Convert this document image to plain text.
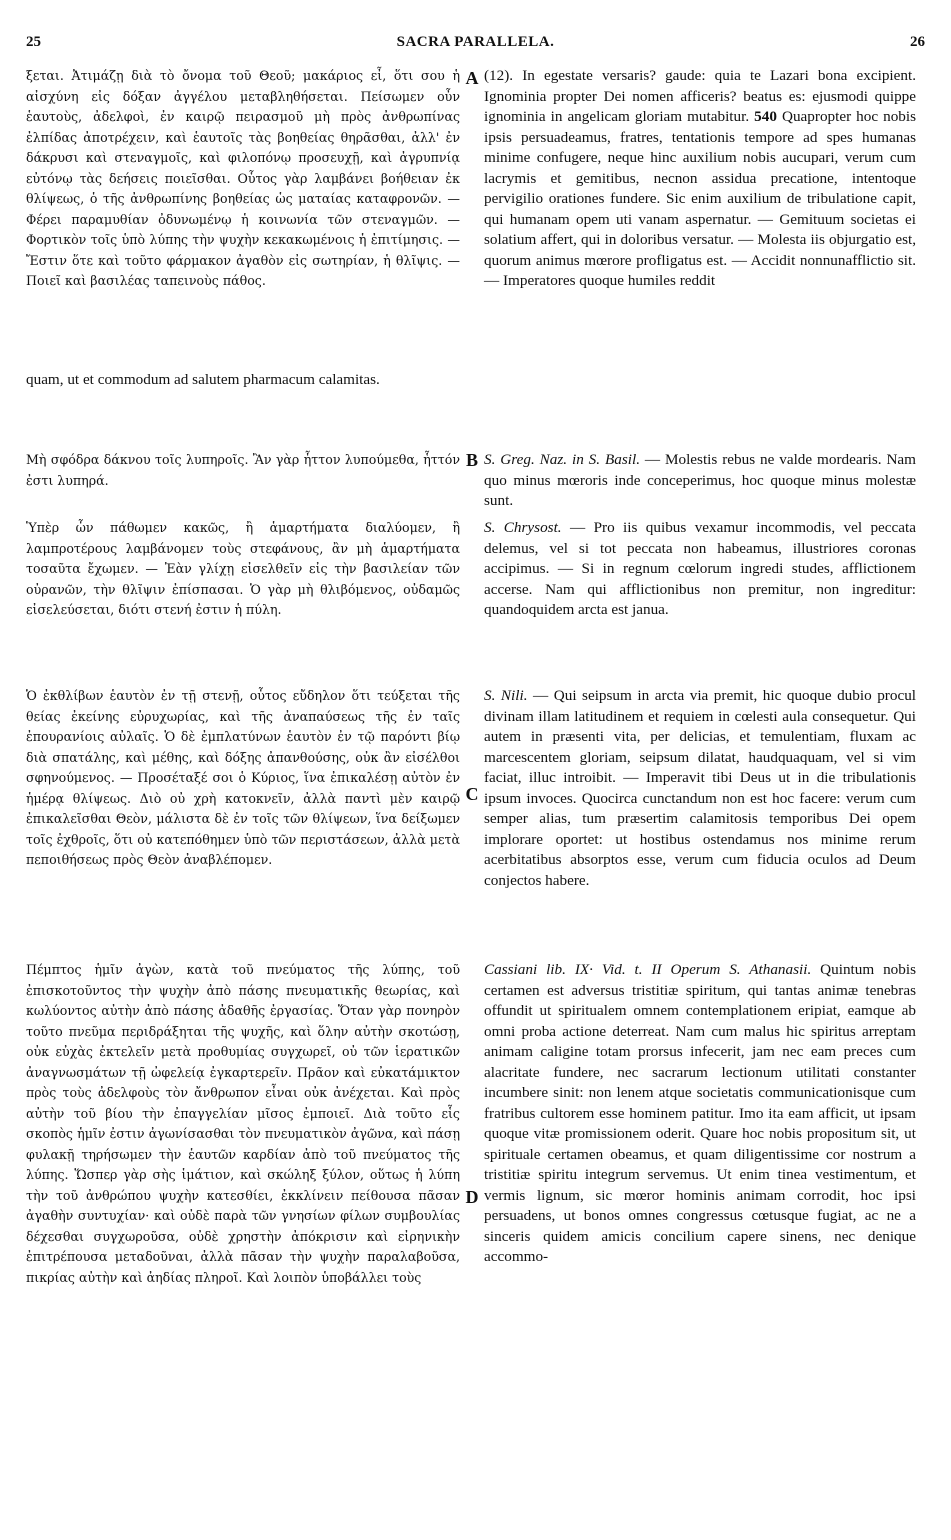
25	SACRA PARALLELA.	26
A
B
C
D

ξεται. Ἀτιμάζῃ διὰ τὸ ὄνομα τοῦ Θεοῦ; μακάριος εἶ, ὅτι σου ἡ αἰσχύνη εἰς δόξαν ἀγγέλου μεταβληθήσεται. Πείσωμεν οὖν ἑαυτοὺς, ἀδελφοὶ, ἐν καιρῷ πειρασμοῦ μὴ πρὸς ἀνθρωπίνας ἐλπίδας ἀποτρέχειν, καὶ ἑαυτοῖς τὰς βοηθείας θηρᾶσθαι, ἀλλ' ἐν δάκρυσι καὶ στεναγμοῖς, καὶ φιλοπόνῳ προσευχῇ, καὶ ἀγρυπνίᾳ εὐτόνῳ τὰς δεήσεις ποιεῖσθαι. Οὗτος γὰρ λαμβάνει βοήθειαν ἐκ θλίψεως, ὁ τῆς ἀνθρωπίνης βοηθείας ὡς ματαίας καταφρονῶν. — Φέρει παραμυθίαν ὀδυνωμένῳ ἡ κοινωνία τῶν στεναγμῶν. — Φορτικὸν τοῖς ὑπὸ λύπης τὴν ψυχὴν κεκακωμένοις ἡ ἐπιτίμησις. — Ἔστιν ὅτε καὶ τοῦτο φάρμακον ἀγαθὸν εἰς σωτηρίαν, ἡ θλῖψις. — Ποιεῖ καὶ βασιλέας ταπεινοὺς πάθος.

quam, ut et commodum ad salutem pharmacum calamitas.

Μὴ σφόδρα δάκνου τοῖς λυπηροῖς. Ἂν γὰρ ἧττον λυπούμεθα, ἧττόν ἐστι λυπηρά.

Ὑπὲρ ὧν πάθωμεν κακῶς, ἢ ἁμαρτήματα διαλύομεν, ἢ λαμπροτέρους λαμβάνομεν τοὺς στεφάνους, ἂν μὴ ἁμαρτήματα τοσαῦτα ἔχωμεν. — Ἐὰν γλίχῃ εἰσελθεῖν εἰς τὴν βασιλείαν τῶν οὐρανῶν, τὴν θλῖψιν ἐπίσπασαι. Ὁ γὰρ μὴ θλιβόμενος, οὐδαμῶς εἰσελεύσεται, διότι στενή ἐστιν ἡ πύλη.

Ὁ ἐκθλίβων ἑαυτὸν ἐν τῇ στενῇ, οὗτος εὔδηλον ὅτι τεύξεται τῆς θείας ἐκείνης εὐρυχωρίας, καὶ τῆς ἀναπαύσεως τῆς ἐν ταῖς ἐπουρανίοις αὐλαῖς. Ὁ δὲ ἐμπλατύνων ἑαυτὸν ἐν τῷ παρόντι βίῳ διὰ σπατάλης, καὶ μέθης, καὶ δόξης ἀπανθούσης, οὐκ ἂν εἰσέλθοι σφηνούμενος. — Προσέταξέ σοι ὁ Κύριος, ἵνα ἐπικαλέσῃ αὐτὸν ἐν ἡμέρᾳ θλίψεως. Διὸ οὐ χρὴ κατοκνεῖν, ἀλλὰ παντὶ μὲν καιρῷ ἐπικαλεῖσθαι Θεὸν, μάλιστα δὲ ἐν τοῖς τῶν θλίψεων, ἵνα δείξωμεν τοῖς ἐχθροῖς, ὅτι οὐ κατεπόθημεν ὑπὸ τῶν περιστάσεων, ἀλλὰ μετὰ πεποιθήσεως πρὸς Θεὸν ἀναβλέπομεν.

Πέμπτος ἡμῖν ἀγὼν, κατὰ τοῦ πνεύματος τῆς λύπης, τοῦ ἐπισκοτοῦντος τὴν ψυχὴν ἀπὸ πάσης πνευματικῆς θεωρίας, καὶ κωλύοντος αὐτὴν ἀπὸ πάσης ἀδαθῆς ἐργασίας. Ὅταν γὰρ πονηρὸν τοῦτο πνεῦμα περιδράξηται τῆς ψυχῆς, καὶ ὅλην αὐτὴν σκοτώσῃ, οὐκ εὐχὰς ἐκτελεῖν μετὰ προθυμίας συγχωρεῖ, οὐ τῶν ἱερατικῶν ἀναγνωσμάτων τῇ ὠφελείᾳ ἐγκαρτερεῖν. Πρᾶον καὶ εὐκατάμικτον πρὸς τοὺς ἀδελφοὺς τὸν ἄνθρωπον εἶναι οὐκ ἀνέχεται. Καὶ πρὸς αὐτὴν τοῦ βίου τὴν ἐπαγγελίαν μῖσος ἐμποιεῖ. Διὰ τοῦτο εἷς σκοπὸς ἡμῖν ἐστιν ἀγωνίσασθαι τὸν πνευματικὸν ἀγῶνα, καὶ πάσῃ φυλακῇ τηρήσωμεν τὴν ἑαυτῶν καρδίαν ἀπὸ τοῦ πνεύματος τῆς λύπης. Ὥσπερ γὰρ σὴς ἱμάτιον, καὶ σκώληξ ξύλον, οὕτως ἡ λύπη τὴν τοῦ ἀνθρώπου ψυχὴν κατεσθίει, ἐκκλίνειν πείθουσα πᾶσαν ἀγαθὴν συντυχίαν· καὶ οὐδὲ παρὰ τῶν γνησίων φίλων συμβουλίας δέχεσθαι συγχωροῦσα, οὐδὲ χρηστὴν ἀπόκρισιν καὶ εἰρηνικὴν ἐπιτρέπουσα μεταδοῦναι, ἀλλὰ πᾶσαν τὴν ψυχὴν παραλαβοῦσα, πικρίας αὐτὴν καὶ ἀηδίας πληροῖ. Καὶ λοιπὸν ὑποβάλλει τοὺς

(12). In egestate versaris? gaude: quia te Lazari bona excipient. Ignominia propter Dei nomen afficeris? beatus es: ejusmodi quippe ignominia in angelicam gloriam mutabitur. 540 Quapropter hoc nobis ipsis persuadeamus, fratres, tentationis tempore ad spes humanas minime confugere, neque hinc auxilium nobis aucupari, verum cum lacrymis et gemitibus, necnon assidua precatione, intentoque pervigilio orationes fundere. Sic enim auxilium de tribulatione capit, qui humanam opem uti vanam aspernatur. — Gemituum societas ei solatium affert, qui in doloribus versatur. — Molesta iis objurgatio est, quorum animus mœrore profligatus est. — Accidit nonnunafflictio sit. — Imperatores quoque humiles reddit

S. Greg. Naz. in S. Basil. — Molestis rebus ne valde mordearis. Nam quo minus mœroris inde conceperimus, hoc quoque minus molestæ sunt.

S. Chrysost. — Pro iis quibus vexamur incommodis, vel peccata delemus, vel si tot peccata non habeamus, illustriores coronas accipimus. — Si in regnum cœlorum ingredi studes, afflictionem accerse. Nam qui afflictionibus non premitur, non ingreditur: quandoquidem arcta est janua.

S. Nili. — Qui seipsum in arcta via premit, hic quoque dubio procul divinam illam latitudinem et requiem in cœlesti aula consequetur. Qui autem in præsenti vita, per delicias, et temulentiam, fluxam ac marcescentem gloriam, seipsum dilatat, haudquaquam, vel si vim faciat, illuc introibit. — Imperavit tibi Deus ut in die tribulationis ipsum invoces. Quocirca cunctandum non est hoc facere: verum cum semper alias, tum præsertim calamitosis temporibus Dei opem implorare oportet: ut hostibus ostendamus nos minime rerum acerbitatibus absorptos esse, verum cum fiducia oculos ad Deum conjectos habere.

Cassiani lib. IX· Vid. t. II Operum S. Athanasii. Quintum nobis certamen est adversus tristitiæ spiritum, qui tantas animæ tenebras offundit ut spiritualem omnem contemplationem eripiat, eamque ab omni proba actione deterreat. Nam cum malus hic spiritus arreptam animam caligine totam prorsus infecerit, jam nec eam preces cum alacritate fundere, nec sacrarum lectionum utilitati constanter incumbere sinit: non lenem atque societatis communicationisque cum fratribus cultorem esse hominem patitur. Imo ita eam afficit, ut ipsam quoque vitæ promissionem oderit. Quare hoc nobis propositum sit, ut spirituale certamen obeamus, et quam diligentissime cor nostrum a tristitiæ spiritu integrum servemus. Ut enim tinea vestimentum, et vermis lignum, sic mœror hominis animam corrodit, hoc ipsi persuadens, ut bonos omnes congressus cœtusque fugiat, ac ne a sinceris quidem amicis concilium capere sinens, nec denique accommo-
